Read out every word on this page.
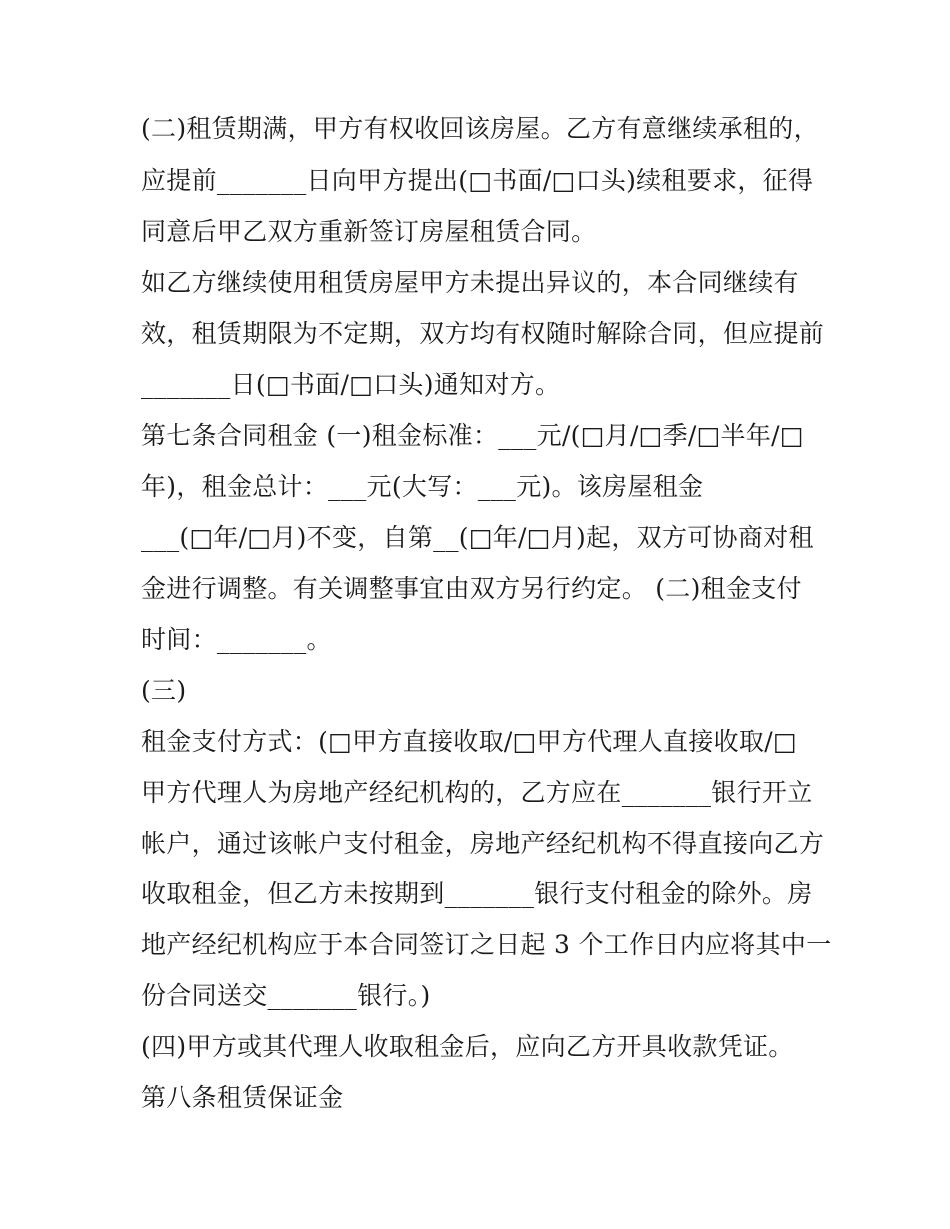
(二)租赁期满，甲方有权收回该房屋。乙方有意继续承租的，
应提前_______日向甲方提出(□书面/□口头)续租要求，征得
同意后甲乙双方重新签订房屋租赁合同。
如乙方继续使用租赁房屋甲方未提出异议的，本合同继续有
效，租赁期限为不定期，双方均有权随时解除合同，但应提前
_______日(□书面/□口头)通知对方。
第七条合同租金 (一)租金标准：___元/(□月/□季/□半年/□
年)，租金总计：___元(大写：___元)。该房屋租金
___(□年/□月)不变，自第__(□年/□月)起，双方可协商对租
金进行调整。有关调整事宜由双方另行约定。 (二)租金支付
时间：_______。
(三)
租金支付方式：(□甲方直接收取/□甲方代理人直接收取/□
甲方代理人为房地产经纪机构的，乙方应在_______银行开立
帐户，通过该帐户支付租金，房地产经纪机构不得直接向乙方
收取租金，但乙方未按期到_______银行支付租金的除外。房
地产经纪机构应于本合同签订之日起 3 个工作日内应将其中一
份合同送交_______银行。)
(四)甲方或其代理人收取租金后，应向乙方开具收款凭证。
第八条租赁保证金
